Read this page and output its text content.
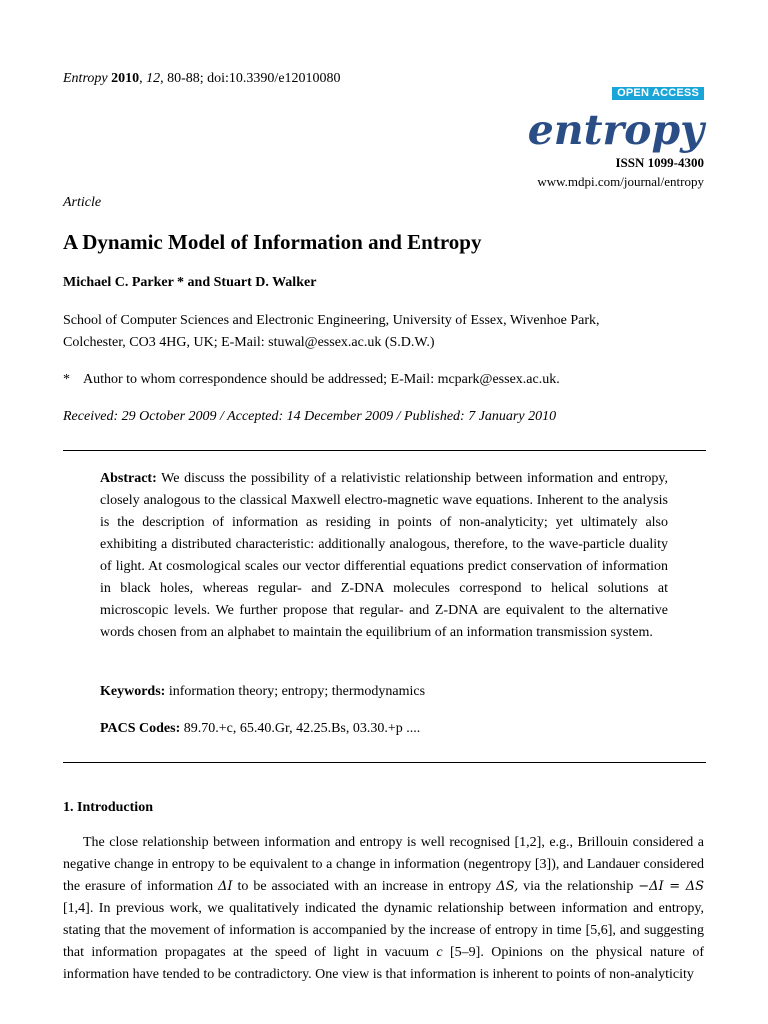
Entropy 2010, 12, 80-88; doi:10.3390/e12010080
OPEN ACCESS
entropy
ISSN 1099-4300
www.mdpi.com/journal/entropy
Article
A Dynamic Model of Information and Entropy
Michael C. Parker * and Stuart D. Walker
School of Computer Sciences and Electronic Engineering, University of Essex, Wivenhoe Park,
Colchester, CO3 4HG, UK; E-Mail: stuwal@essex.ac.uk (S.D.W.)
* Author to whom correspondence should be addressed; E-Mail: mcpark@essex.ac.uk.
Received: 29 October 2009 / Accepted: 14 December 2009 / Published: 7 January 2010
Abstract: We discuss the possibility of a relativistic relationship between information and entropy, closely analogous to the classical Maxwell electro-magnetic wave equations. Inherent to the analysis is the description of information as residing in points of non-analyticity; yet ultimately also exhibiting a distributed characteristic: additionally analogous, therefore, to the wave-particle duality of light. At cosmological scales our vector differential equations predict conservation of information in black holes, whereas regular- and Z-DNA molecules correspond to helical solutions at microscopic levels. We further propose that regular- and Z-DNA are equivalent to the alternative words chosen from an alphabet to maintain the equilibrium of an information transmission system.
Keywords: information theory; entropy; thermodynamics
PACS Codes: 89.70.+c, 65.40.Gr, 42.25.Bs, 03.30.+p ....
1. Introduction
The close relationship between information and entropy is well recognised [1,2], e.g., Brillouin considered a negative change in entropy to be equivalent to a change in information (negentropy [3]), and Landauer considered the erasure of information ΔI to be associated with an increase in entropy ΔS, via the relationship −ΔI = ΔS [1,4]. In previous work, we qualitatively indicated the dynamic relationship between information and entropy, stating that the movement of information is accompanied by the increase of entropy in time [5,6], and suggesting that information propagates at the speed of light in vacuum c [5–9]. Opinions on the physical nature of information have tended to be contradictory. One view is that information is inherent to points of non-analyticity
